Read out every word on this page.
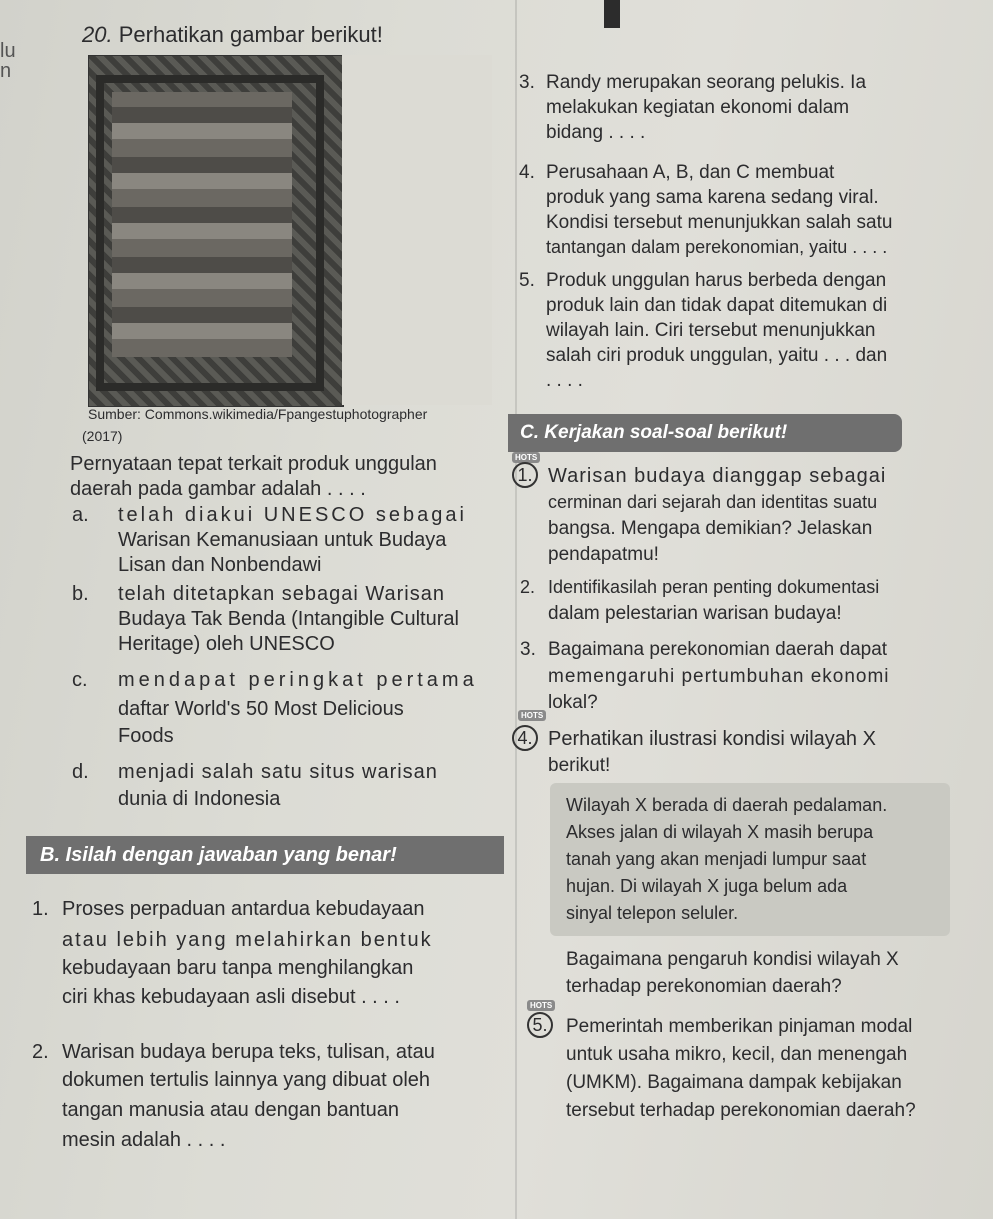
lu
n
20. Perhatikan gambar berikut!
Sumber: Commons.wikimedia/Fpangestuphotographer
(2017)
Pernyataan tepat terkait produk unggulan
daerah pada gambar adalah . . . .
a. telah diakui UNESCO sebagai
Warisan Kemanusiaan untuk Budaya
Lisan dan Nonbendawi
b. telah ditetapkan sebagai Warisan
Budaya Tak Benda (Intangible Cultural
Heritage) oleh UNESCO
c. mendapat peringkat pertama
daftar World's 50 Most Delicious
Foods
d. menjadi salah satu situs warisan
dunia di Indonesia
B. Isilah dengan jawaban yang benar!
1. Proses perpaduan antardua kebudayaan
atau lebih yang melahirkan bentuk
kebudayaan baru tanpa menghilangkan
ciri khas kebudayaan asli disebut . . . .
2. Warisan budaya berupa teks, tulisan, atau
dokumen tertulis lainnya yang dibuat oleh
tangan manusia atau dengan bantuan
mesin adalah . . . .
3. Randy merupakan seorang pelukis. Ia
melakukan kegiatan ekonomi dalam
bidang . . . .
4. Perusahaan A, B, dan C membuat
produk yang sama karena sedang viral.
Kondisi tersebut menunjukkan salah satu
tantangan dalam perekonomian, yaitu . . . .
5. Produk unggulan harus berbeda dengan
produk lain dan tidak dapat ditemukan di
wilayah lain. Ciri tersebut menunjukkan
salah ciri produk unggulan, yaitu . . . dan
. . . .
C. Kerjakan soal-soal berikut!
HOTS
1. Warisan budaya dianggap sebagai
cerminan dari sejarah dan identitas suatu
bangsa. Mengapa demikian? Jelaskan
pendapatmu!
2. Identifikasilah peran penting dokumentasi
dalam pelestarian warisan budaya!
3. Bagaimana perekonomian daerah dapat
memengaruhi pertumbuhan ekonomi
lokal?
HOTS
4. Perhatikan ilustrasi kondisi wilayah X
berikut!
Wilayah X berada di daerah pedalaman.
Akses jalan di wilayah X masih berupa
tanah yang akan menjadi lumpur saat
hujan. Di wilayah X juga belum ada
sinyal telepon seluler.
Bagaimana pengaruh kondisi wilayah X
terhadap perekonomian daerah?
HOTS
5. Pemerintah memberikan pinjaman modal
untuk usaha mikro, kecil, dan menengah
(UMKM). Bagaimana dampak kebijakan
tersebut terhadap perekonomian daerah?
